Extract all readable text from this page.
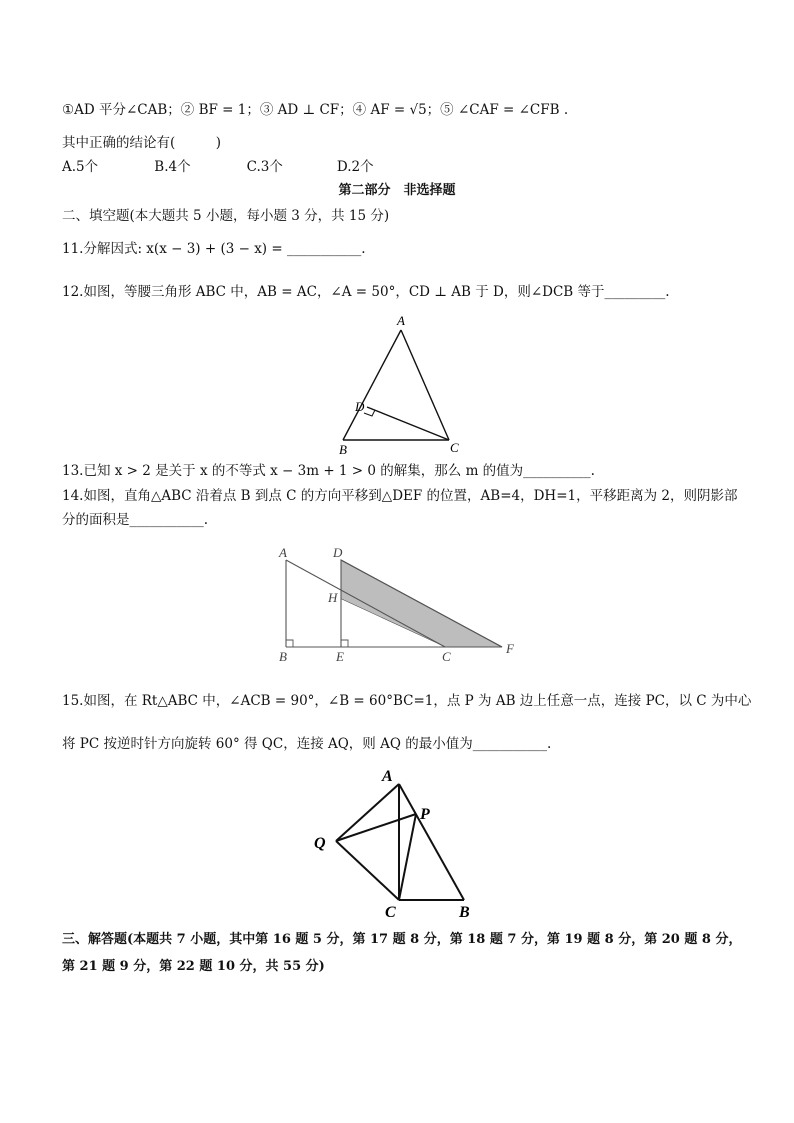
①AD 平分∠CAB；② BF = 1；③ AD ⊥ CF；④ AF = √5；⑤ ∠CAF = ∠CFB .
其中正确的结论有(　　　)
A.5个	B.4个	C.3个	D.2个
第二部分　非选择题
二、填空题(本大题共 5 小题，每小题 3 分，共 15 分)
11.分解因式: x(x − 3) + (3 − x) = ___________.
12.如图，等腰三角形 ABC 中，AB = AC，∠A = 50°，CD ⊥ AB 于 D，则∠DCB 等于_________.
A
D
B	C
13.已知 x > 2 是关于 x 的不等式 x − 3m + 1 > 0 的解集，那么 m 的值为__________.
14.如图，直角△ABC 沿着点 B 到点 C 的方向平移到△DEF 的位置，AB=4，DH=1，平移距离为 2，则阴影部
分的面积是___________.
A	D
H
B	E	C
F
15.如图，在 Rt△ABC 中，∠ACB = 90°，∠B = 60°BC=1，点 P 为 AB 边上任意一点，连接 PC，以 C 为中心
将 PC 按逆时针方向旋转 60° 得 QC，连接 AQ，则 AQ 的最小值为___________.
A
P
Q
C	B
三、解答题(本题共 7 小题，其中第 16 题 5 分，第 17 题 8 分，第 18 题 7 分，第 19 题 8 分，第 20 题 8 分，
第 21 题 9 分，第 22 题 10 分，共 55 分)
